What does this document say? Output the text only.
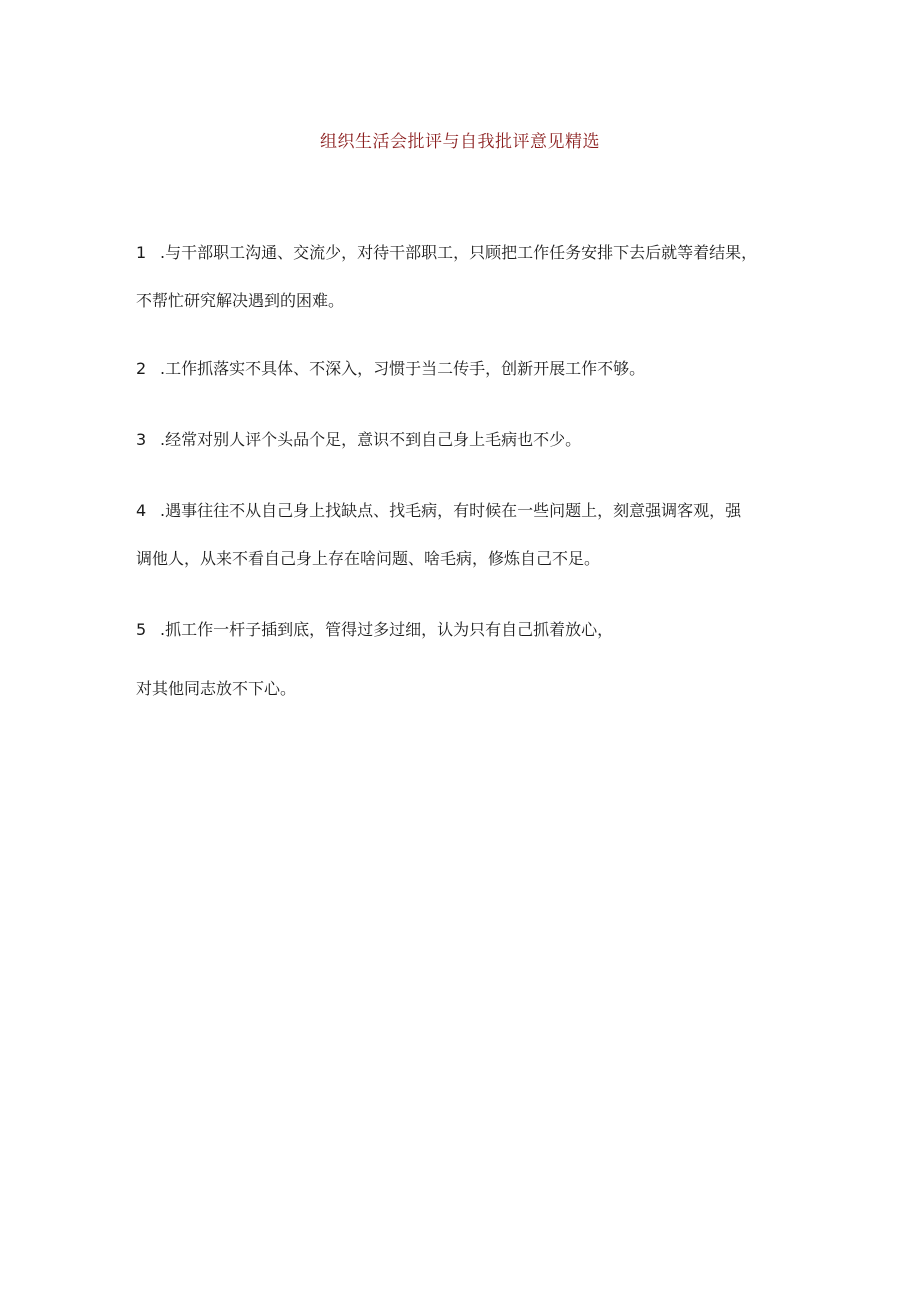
组织生活会批评与自我批评意见精选
1 .与干部职工沟通、交流少，对待干部职工，只顾把工作任务安排下去后就等着结果，
不帮忙研究解决遇到的困难。
2 .工作抓落实不具体、不深入，习惯于当二传手，创新开展工作不够。
3 .经常对别人评个头品个足，意识不到自己身上毛病也不少。
4 .遇事往往不从自己身上找缺点、找毛病，有时候在一些问题上，刻意强调客观，强
调他人，从来不看自己身上存在啥问题、啥毛病，修炼自己不足。
5 .抓工作一杆子插到底，管得过多过细，认为只有自己抓着放心，
对其他同志放不下心。
